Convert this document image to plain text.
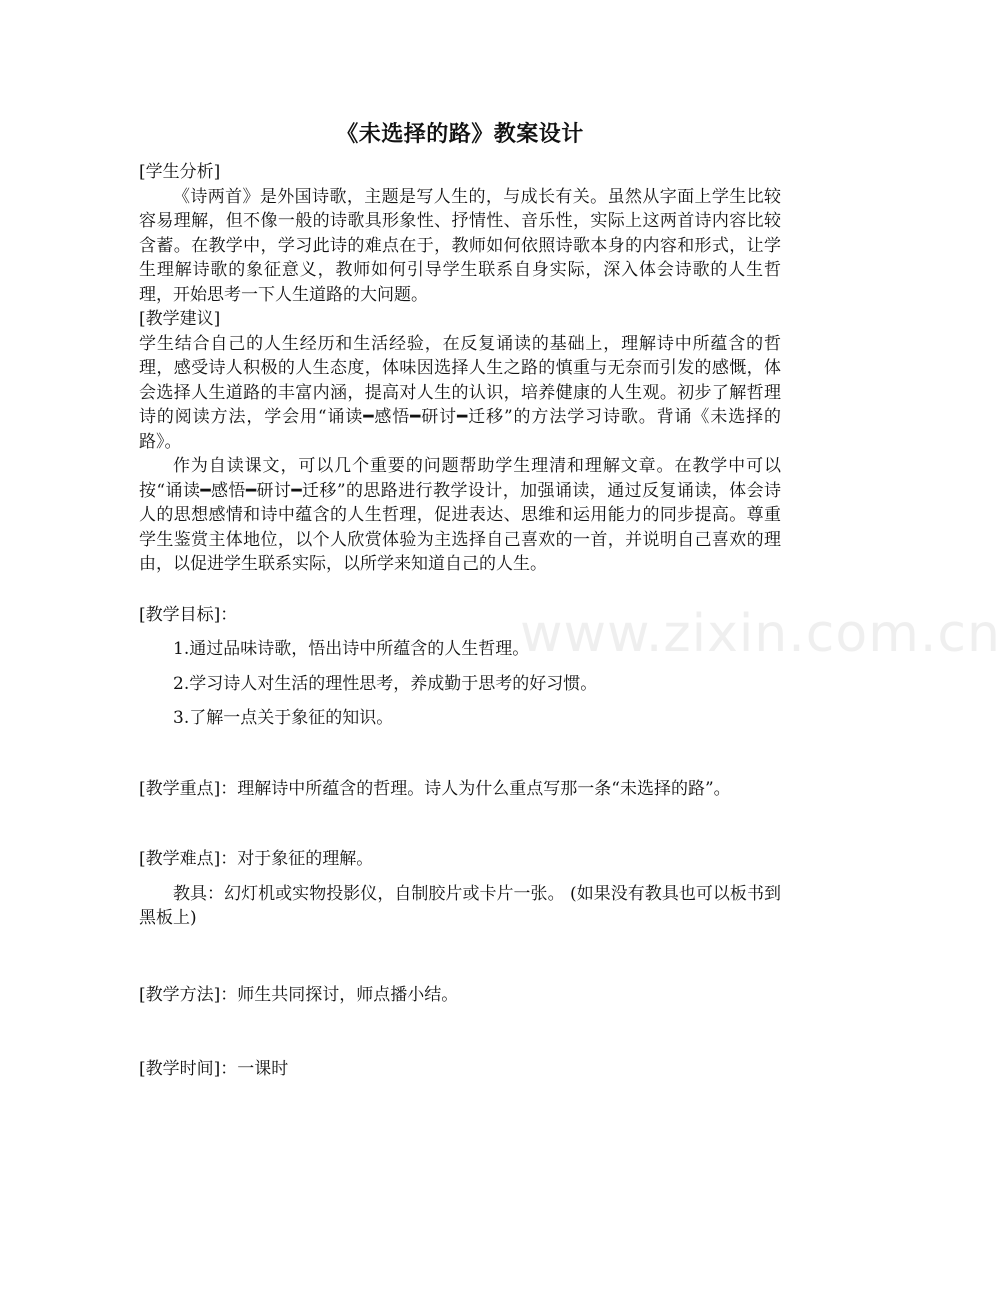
《未选择的路》教案设计
[学生分析]

《诗两首》是外国诗歌，主题是写人生的，与成长有关。虽然从字面上学生比较容易理解，但不像一般的诗歌具形象性、抒情性、音乐性，实际上这两首诗内容比较含蓄。在教学中，学习此诗的难点在于，教师如何依照诗歌本身的内容和形式，让学生理解诗歌的象征意义，教师如何引导学生联系自身实际，深入体会诗歌的人生哲理，开始思考一下人生道路的大问题。

[教学建议]

学生结合自己的人生经历和生活经验，在反复诵读的基础上，理解诗中所蕴含的哲理，感受诗人积极的人生态度，体味因选择人生之路的慎重与无奈而引发的感慨，体会选择人生道路的丰富内涵，提高对人生的认识，培养健康的人生观。初步了解哲理诗的阅读方法，学会用“诵读━感悟━研讨━迁移”的方法学习诗歌。背诵《未选择的路》。

作为自读课文，可以几个重要的问题帮助学生理清和理解文章。在教学中可以按“诵读━感悟━研讨━迁移”的思路进行教学设计，加强诵读，通过反复诵读，体会诗人的思想感情和诗中蕴含的人生哲理，促进表达、思维和运用能力的同步提高。尊重学生鉴赏主体地位，以个人欣赏体验为主选择自己喜欢的一首，并说明自己喜欢的理由，以促进学生联系实际，以所学来知道自己的人生。

[教学目标]：

1.通过品味诗歌，悟出诗中所蕴含的人生哲理。

2.学习诗人对生活的理性思考，养成勤于思考的好习惯。

3.了解一点关于象征的知识。

[教学重点]：理解诗中所蕴含的哲理。诗人为什么重点写那一条“未选择的路”。

[教学难点]：对于象征的理解。

教具：幻灯机或实物投影仪，自制胶片或卡片一张。 (如果没有教具也可以板书到黑板上)

[教学方法]：师生共同探讨，师点播小结。

[教学时间]：一课时

www.zixin.com.cn
